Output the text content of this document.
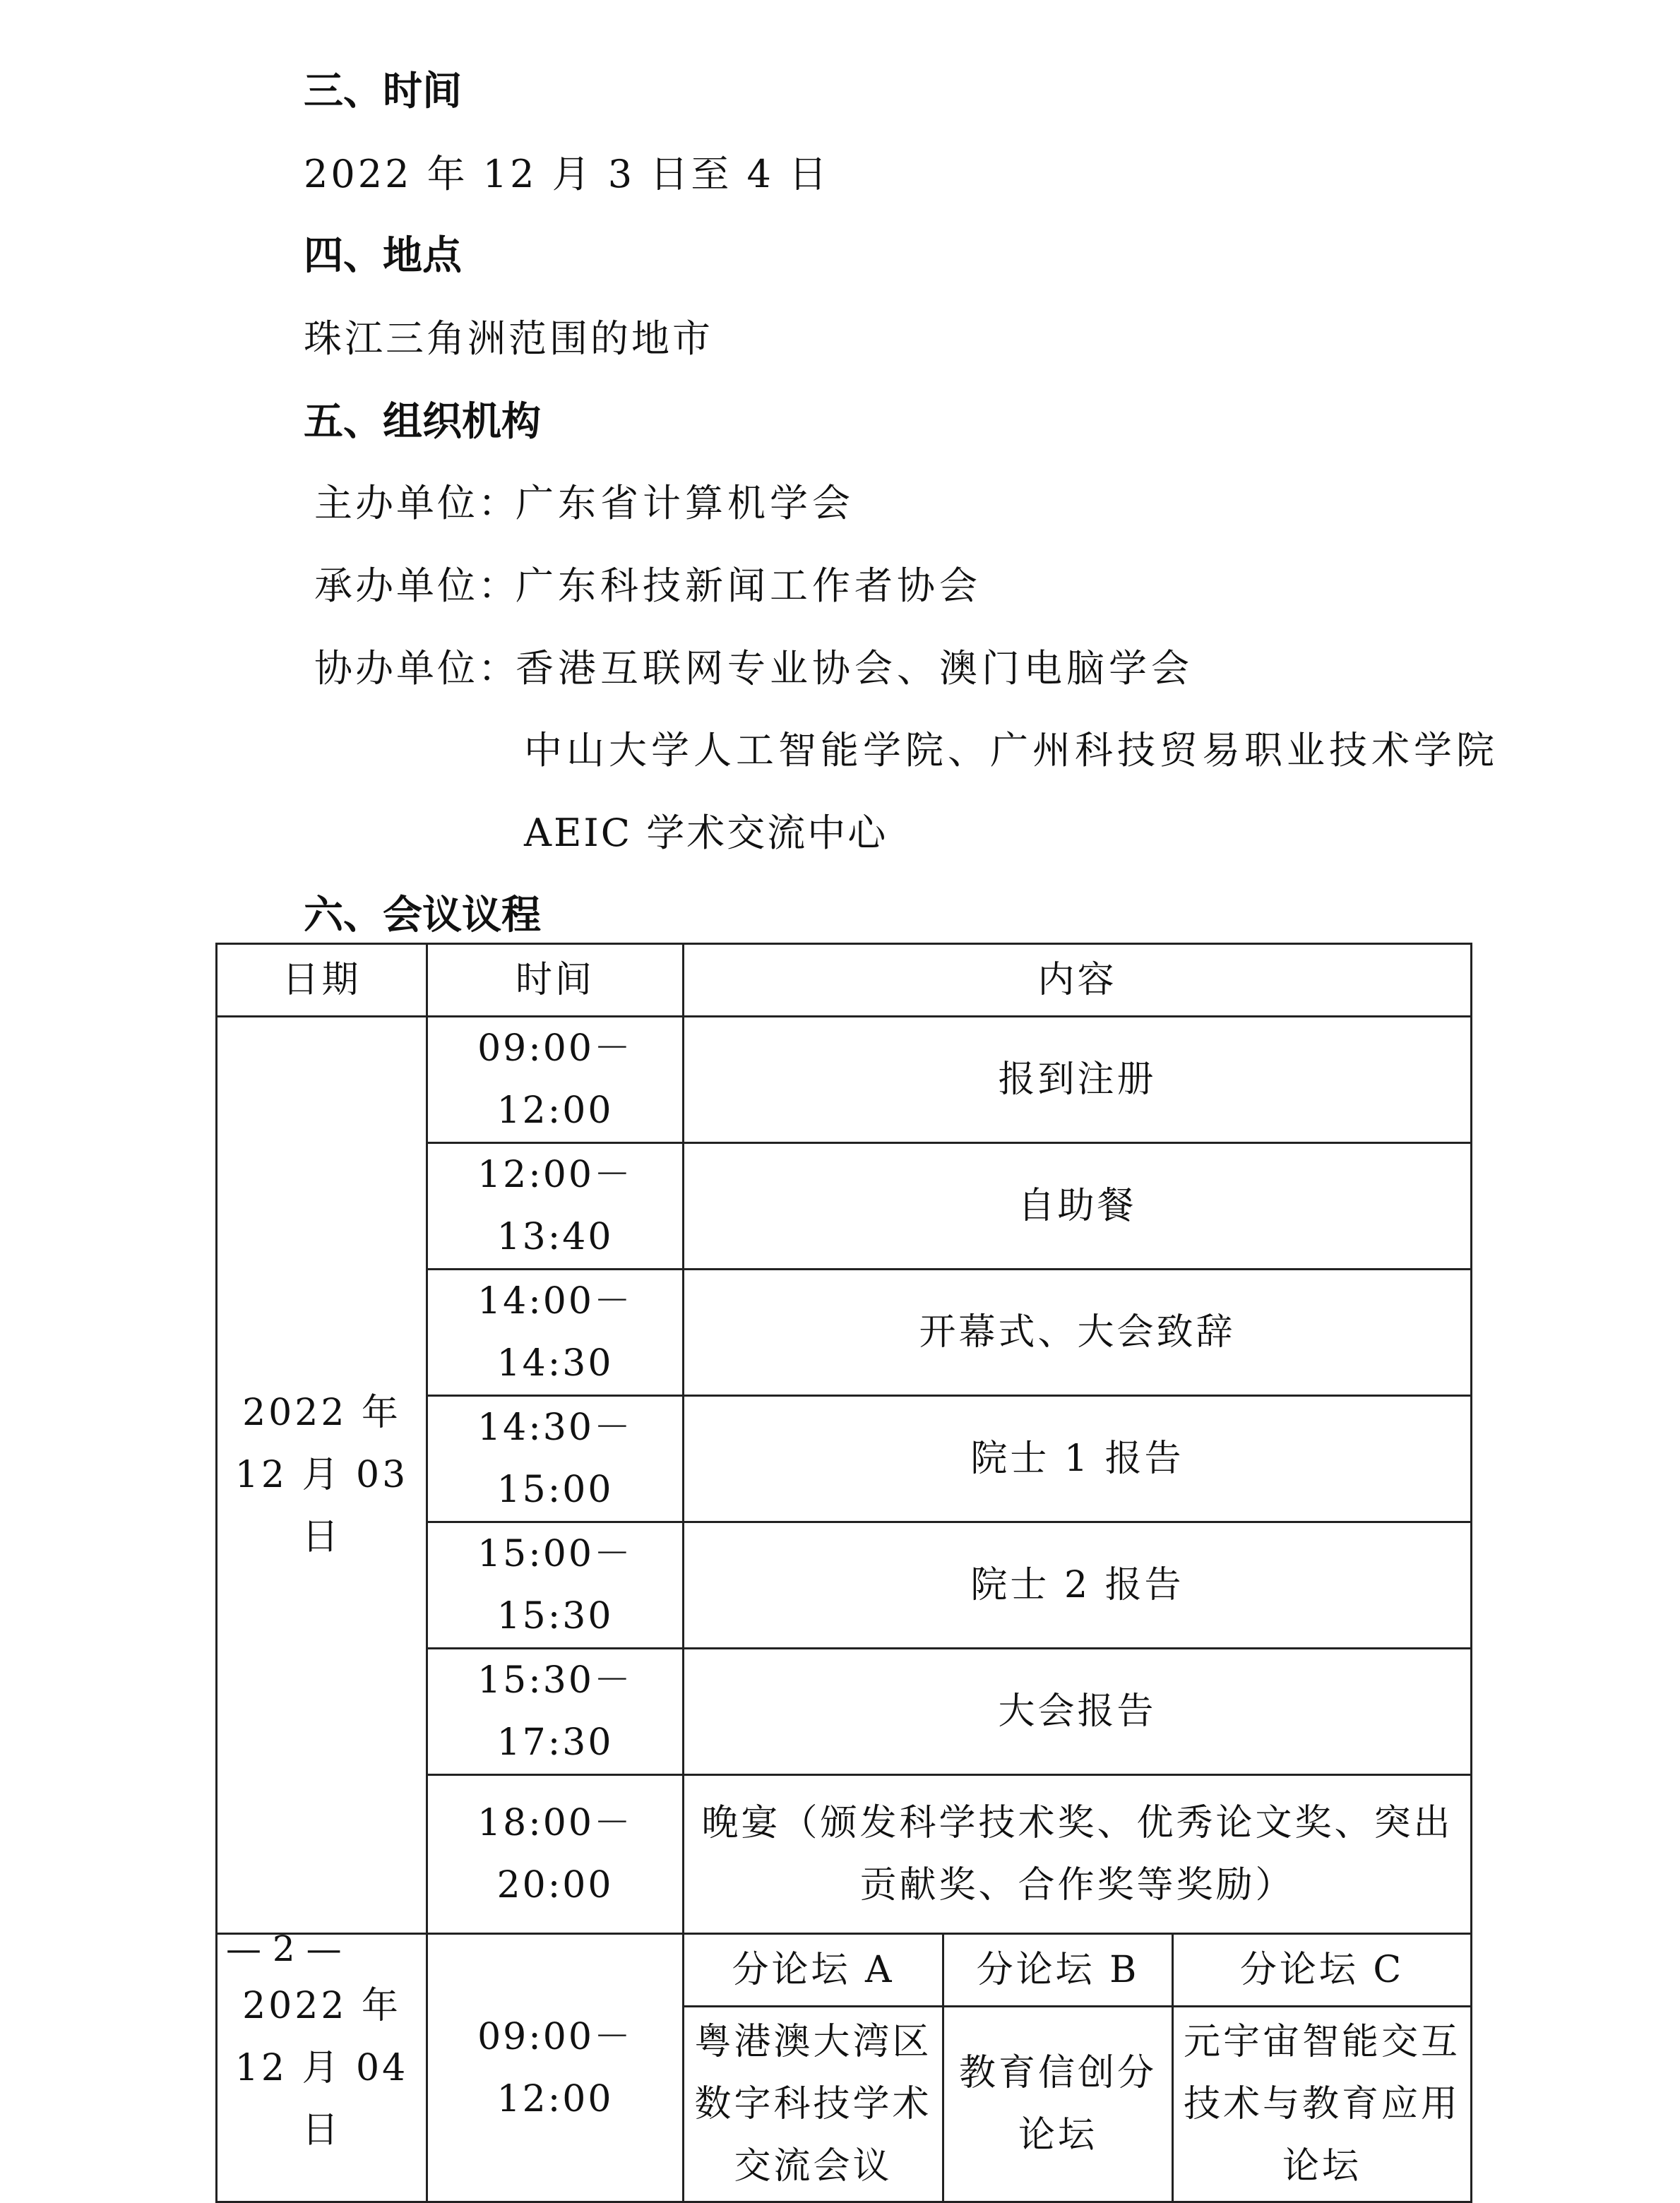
三、时间
2022 年 12 月 3 日至 4 日
四、地点
珠江三角洲范围的地市
五、组织机构
主办单位：
广东省计算机学会
承办单位：
广东科技新闻工作者协会
协办单位：
香港互联网专业协会、澳门电脑学会
中山大学人工智能学院、广州科技贸易职业技术学院
AEIC 学术交流中心
六、会议议程
日期	时间	内容		

2022 年
12 月 03 日	09:00－12:00	报到注册		
	12:00－13:40	自助餐		
	14:00－14:30	开幕式、大会致辞		
	14:30－15:00	院士 1 报告		
	15:00－15:30	院士 2 报告		
	15:30－17:30	大会报告		
	18:00－20:00	晚宴（颁发科学技术奖、优秀论文奖、突出贡献奖、合作奖等奖励）		

2022 年
12 月 04 日	09:00－12:00	分论坛 A	分论坛 B	分论坛 C
		粤港澳大湾区数字科技学术交流会议	教育信创分论坛	元宇宙智能交互技术与教育应用论坛
— 2 —
